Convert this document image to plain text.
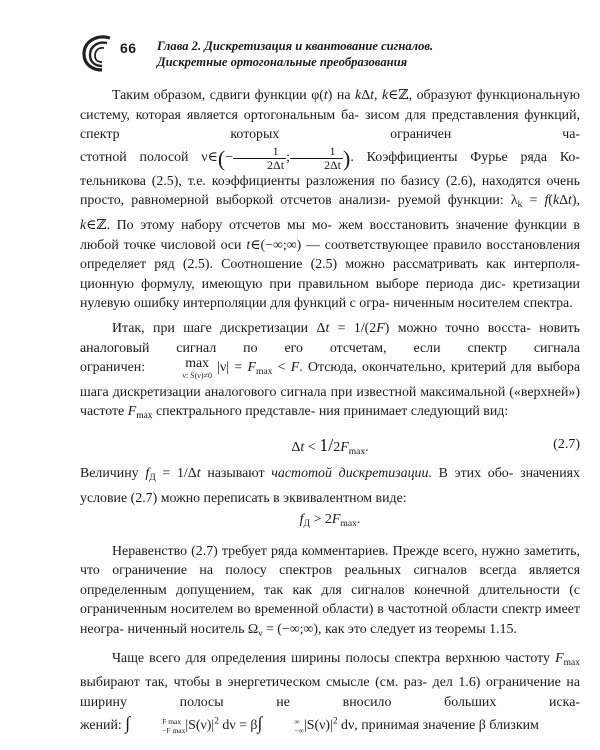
66 Глава 2. Дискретизация и квантование сигналов.
Дискретные ортогональные преобразования

Таким образом, сдвиги функции φ(t) на kΔt, k∈ℤ, образуют функциональную систему, которая является ортогональным ба- зисом для представления функций, спектр которых ограничен ча- стотной полосой ν∈(− $\frac{1}{2\Delta t}$ ; $\frac{1}{2\Delta t}$ ). Коэффициенты Фурье ряда Ко- тельникова (2.5), т.е. коэффициенты разложения по базису (2.6), находятся очень просто, равномерной выборкой отсчетов анализи- руемой функции: $\lambda_k = f(k\Delta t)$, k∈ℤ. По этому набору отсчетов мы мо- жем восстановить значение функции в любой точке числовой оси t∈(−∞;∞) — соответствующее правило восстановления определяет ряд (2.5). Соотношение (2.5) можно рассматривать как интерполя- ционную формулу, имеющую при правильном выборе периода дис- кретизации нулевую ошибку интерполяции для функций с огра- ниченным носителем спектра.

Итак, при шаге дискретизации Δt = 1/(2F) можно точно восста- новить аналоговый сигнал по его отсчетам, если спектр сигнала ограничен:	max
ν: S(ν)≠0
$|\nu| = F_{max} < F$. Отсюда, окончательно, критерий для выбора шага дискретизации аналогового сигнала при известной максимальной («верхней») частоте $F_{max}$ спектрального представле- ния принимает следующий вид:

$\Delta t < 1/2F_{max}$.	(2.7)

Величину $f_Д = 1/\Delta t$ называют частотой дискретизации. В этих обо- значениях условие (2.7) можно переписать в эквивалентном виде:

$f_Д > 2F_{max}$.

Неравенство (2.7) требует ряда комментариев. Прежде всего, нужно заметить, что ограничение на полосу спектров реальных сигналов всегда является определенным допущением, так как для сигналов конечной длительности (с ограниченным носителем во временной области) в частотной области спектр имеет неогра- ниченный носитель $\Omega_\nu$ = (−∞;∞), как это следует из теоремы 1.15.

Чаще всего для определения ширины полосы спектра верхнюю частоту $F_{max}$ выбирают так, чтобы в энергетическом смысле (см. раз- дел 1.6) ограничение на ширину полосы не вносило больших иска- жений: ∫	F max
−F $\max |S(\nu)|^2$ dν = β∫	∞
−∞ $|S(\nu)|^2$ dν, принимая значение β близким
